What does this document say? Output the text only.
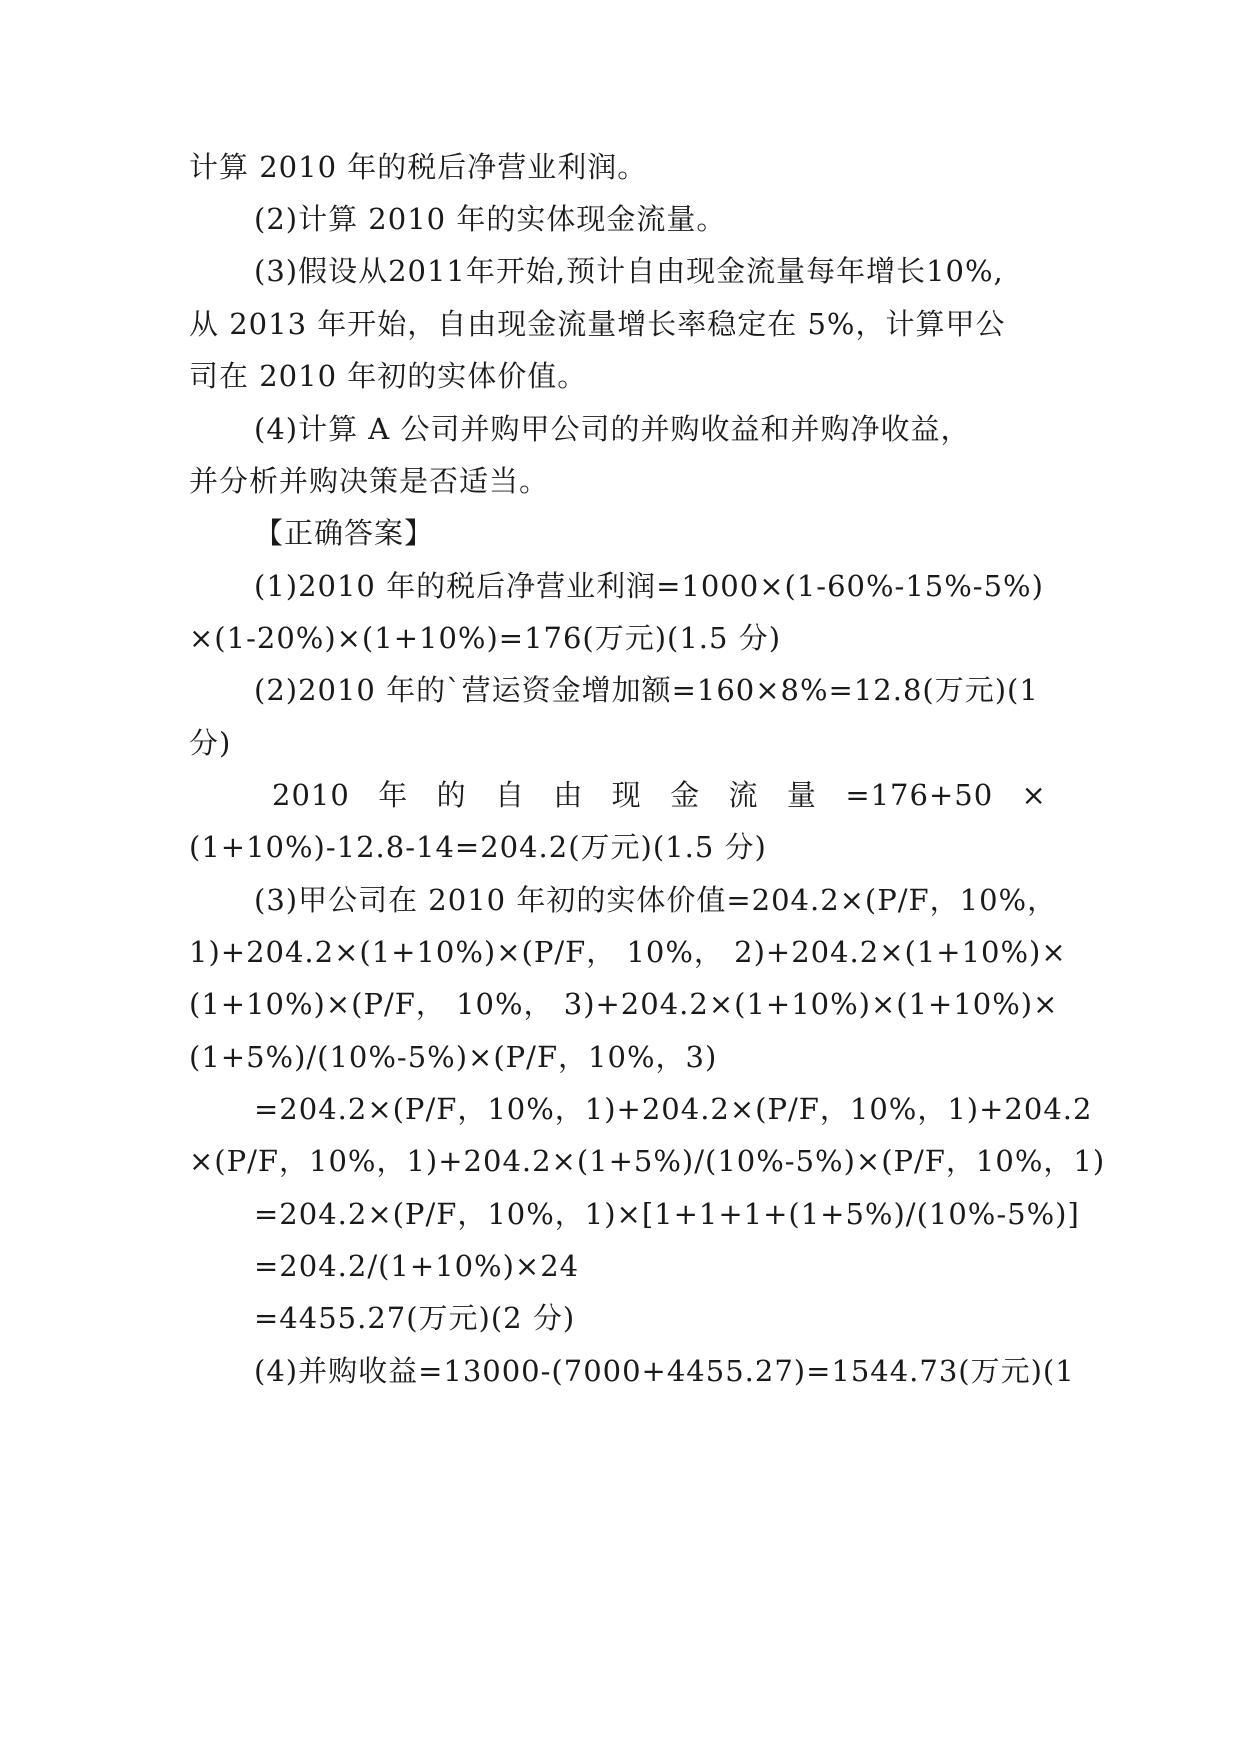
计算 2010 年的税后净营业利润。
(2)计算 2010 年的实体现金流量。
(3)假设从2011年开始,预计自由现金流量每年增长10%,
从 2013 年开始，自由现金流量增长率稳定在 5%，计算甲公
司在 2010 年初的实体价值。
(4)计算 A 公司并购甲公司的并购收益和并购净收益，
并分析并购决策是否适当。
【正确答案】
(1)2010 年的税后净营业利润=1000×(1-60%-15%-5%)
×(1-20%)×(1+10%)=176(万元)(1.5 分)
(2)2010 年的`营运资金增加额=160×8%=12.8(万元)(1
分)
2010 年 的 自 由 现 金 流 量 =176+50 ×
(1+10%)-12.8-14=204.2(万元)(1.5 分)
(3)甲公司在 2010 年初的实体价值=204.2×(P/F，10%，
1)+204.2×(1+10%)×(P/F， 10%， 2)+204.2×(1+10%)×
(1+10%)×(P/F， 10%， 3)+204.2×(1+10%)×(1+10%)×
(1+5%)/(10%-5%)×(P/F，10%，3)
=204.2×(P/F，10%，1)+204.2×(P/F，10%，1)+204.2
×(P/F，10%，1)+204.2×(1+5%)/(10%-5%)×(P/F，10%，1)
=204.2×(P/F，10%，1)×[1+1+1+(1+5%)/(10%-5%)]
=204.2/(1+10%)×24
=4455.27(万元)(2 分)
(4)并购收益=13000-(7000+4455.27)=1544.73(万元)(1
